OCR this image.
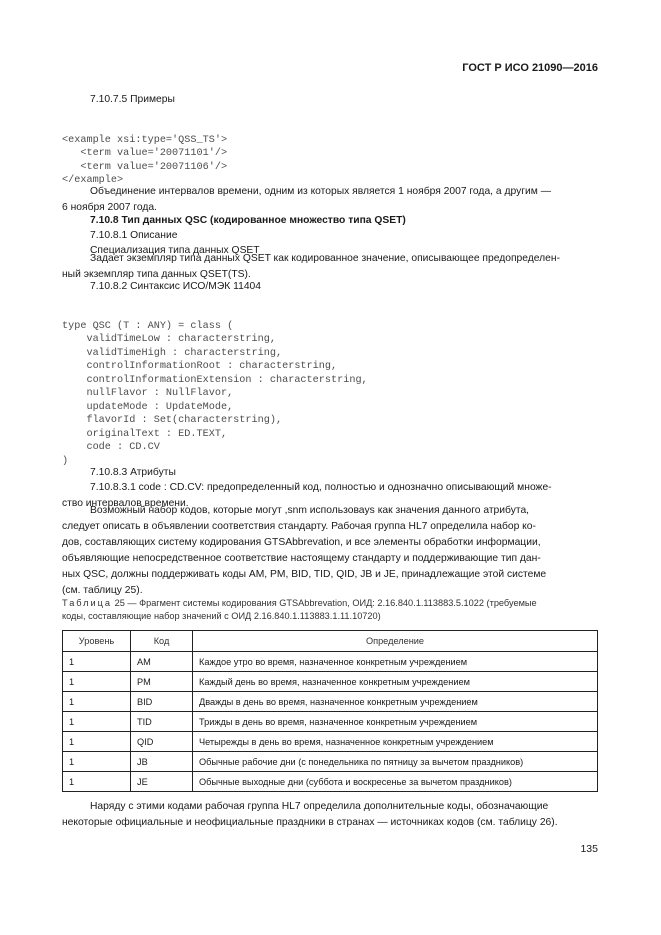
ГОСТ Р ИСО 21090—2016
7.10.7.5 Примеры

<example xsi:type='QSS_TS'>
<term value='20071101'/>
<term value='20071106'/>
</example>

Объединение интервалов времени, одним из которых является 1 ноября 2007 года, а другим —
6 ноября 2007 года.
7.10.8 Тип данных QSC (кодированное множество типа QSET)
7.10.8.1 Описание
Специализация типа данных QSET
Задает экземпляр типа данных QSET как кодированное значение, описывающее предопределен-
ный экземпляр типа данных QSET(TS).
7.10.8.2 Синтаксис ИСО/МЭК 11404

type QSC (T : ANY) = class (
validTimeLow : characterstring,
validTimeHigh : characterstring,
controlInformationRoot : characterstring,
controlInformationExtension : characterstring,
nullFlavor : NullFlavor,
updateMode : UpdateMode,
flavorId : Set(characterstring),
originalText : ED.TEXT,
code : CD.CV
)

7.10.8.3 Атрибуты
7.10.8.3.1 code : CD.CV: предопределенный код, полностью и однозначно описывающий множе-
ство интервалов времени.
Возможный набор кодов, которые могут ,snm использоваys как значения данного атрибута,
следует описать в объявлении соответствия стандарту. Рабочая группа HL7 определила набор ко-
дов, составляющих систему кодирования GTSAbbrevation, и все элементы обработки информации,
объявляющие непосредственное соответствие настоящему стандарту и поддерживающие тип дан-
ных QSC, должны поддерживать коды AM, PM, BID, TID, QID, JB и JE, принадлежащие этой системе
(см. таблицу 25).
Таблица 25 — Фрагмент системы кодирования GTSAbbrevation, ОИД: 2.16.840.1.113883.5.1022 (требуемые
коды, составляющие набор значений с ОИД 2.16.840.1.113883.1.11.10720)
Уровень	Код	Определение
1	AM	Каждое утро во время, назначенное конкретным учреждением
1	PM	Каждый день во время, назначенное конкретным учреждением
1	BID	Дважды в день во время, назначенное конкретным учреждением
1	TID	Трижды в день во время, назначенное конкретным учреждением
1	QID	Четырежды в день во время, назначенное конкретным учреждением
1	JB	Обычные рабочие дни (с понедельника по пятницу за вычетом праздников)
1	JE	Обычные выходные дни (суббота и воскресенье за вычетом праздников)
Наряду с этими кодами рабочая группа HL7 определила дополнительные коды, обозначающие
некоторые официальные и неофициальные праздники в странах — источниках кодов (см. таблицу 26).
135
